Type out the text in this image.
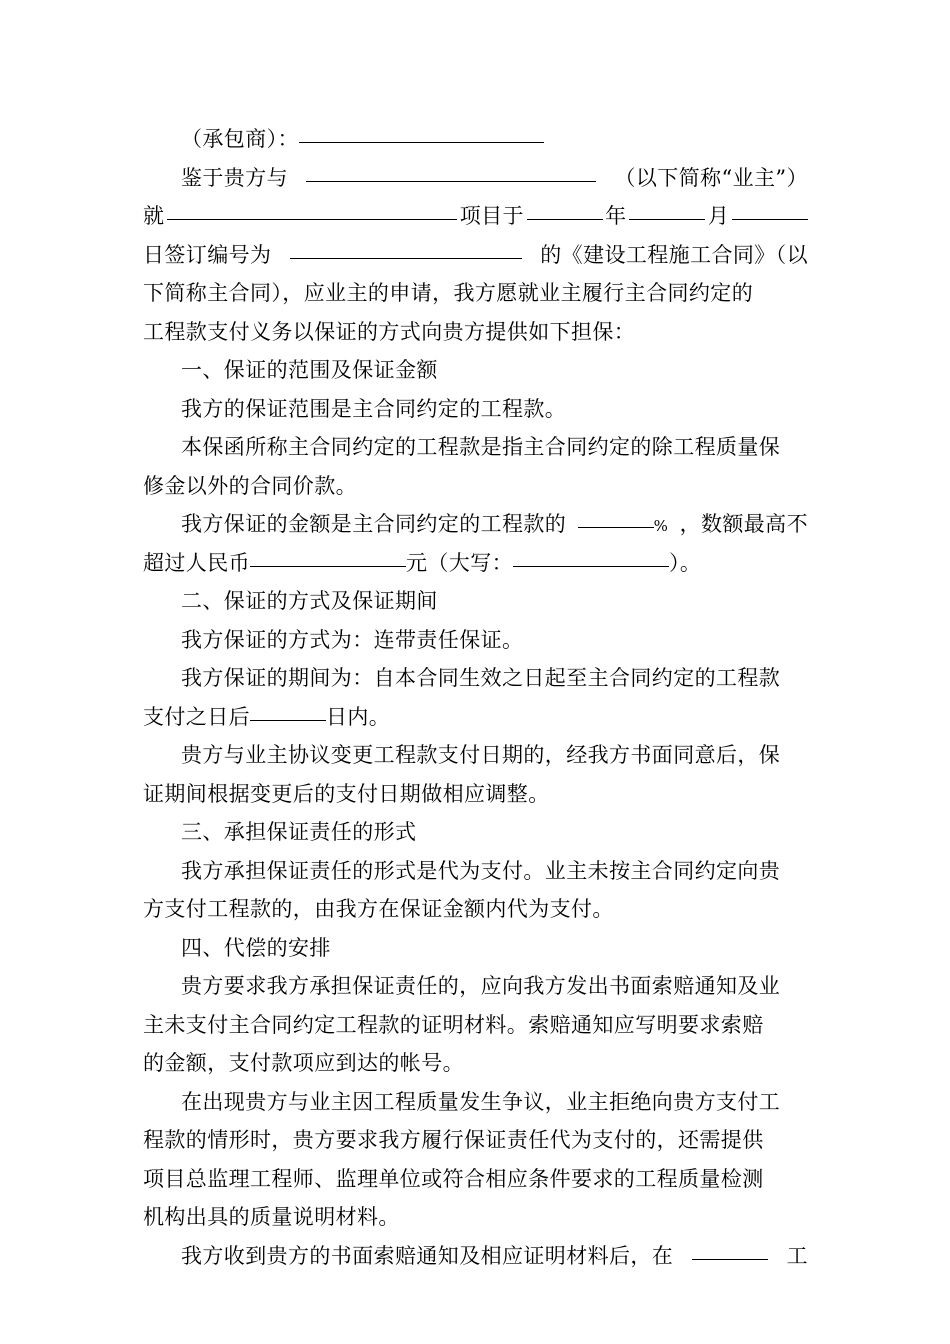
（承包商）：
鉴于贵方与	（以下简称“业主”）
就	项目于	年	月
日签订编号为	的《建设工程施工合同》（以
下简称主合同），应业主的申请，我方愿就业主履行主合同约定的
工程款支付义务以保证的方式向贵方提供如下担保：
一、保证的范围及保证金额
我方的保证范围是主合同约定的工程款。
本保函所称主合同约定的工程款是指主合同约定的除工程质量保
修金以外的合同价款。
我方保证的金额是主合同约定的工程款的	% ，数额最高不
超过人民币	元（大写：	）。
二、保证的方式及保证期间
我方保证的方式为：连带责任保证。
我方保证的期间为：自本合同生效之日起至主合同约定的工程款
支付之日后	日内。
贵方与业主协议变更工程款支付日期的，经我方书面同意后，保
证期间根据变更后的支付日期做相应调整。
三、承担保证责任的形式
我方承担保证责任的形式是代为支付。业主未按主合同约定向贵
方支付工程款的，由我方在保证金额内代为支付。
四、代偿的安排
贵方要求我方承担保证责任的，应向我方发出书面索赔通知及业
主未支付主合同约定工程款的证明材料。索赔通知应写明要求索赔
的金额，支付款项应到达的帐号。
在出现贵方与业主因工程质量发生争议，业主拒绝向贵方支付工
程款的情形时，贵方要求我方履行保证责任代为支付的，还需提供
项目总监理工程师、监理单位或符合相应条件要求的工程质量检测
机构出具的质量说明材料。
我方收到贵方的书面索赔通知及相应证明材料后，在	工
